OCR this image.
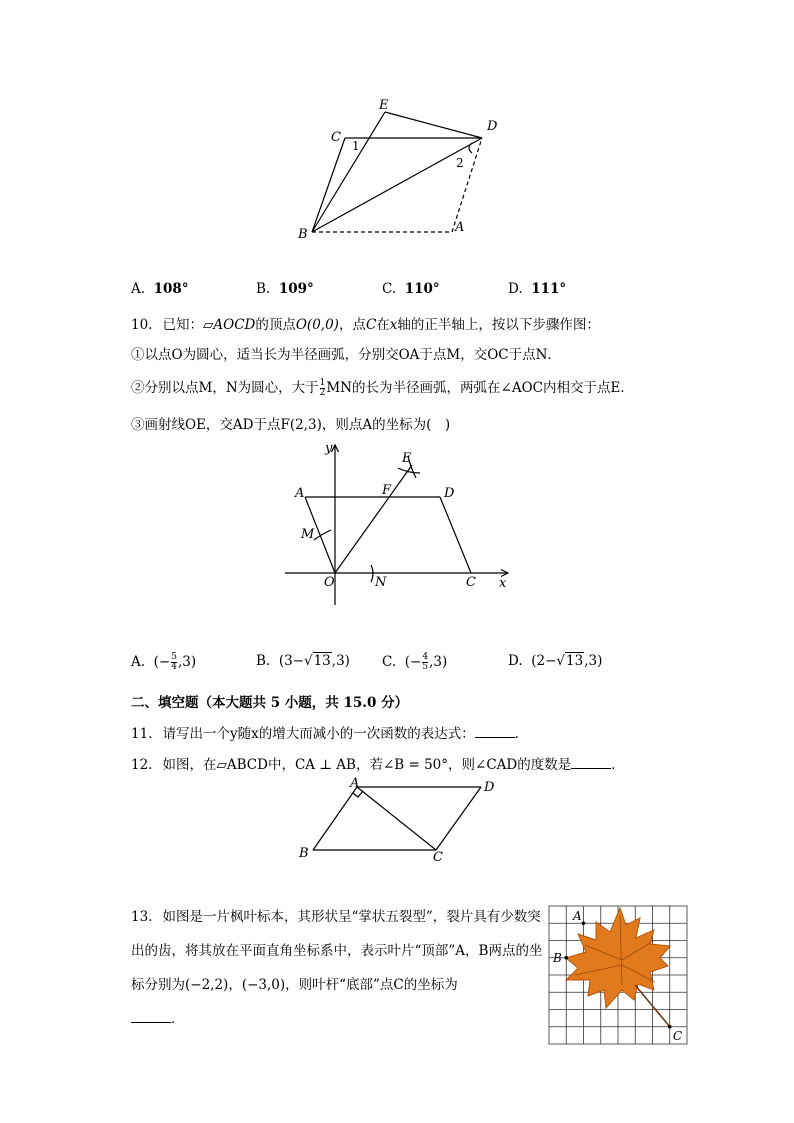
E
C
D
B	A
1
2
A. 108°	B. 109°	C. 110°	D. 111°
10. 已知：▱AOCD的顶点O(0,0)，点C在x轴的正半轴上，按以下步骤作图：
①以点O为圆心，适当长为半径画弧，分别交OA于点M，交OC于点N．
②分别以点M，N为圆心，大于 $\frac{1}{2}$ MN的长为半径画弧，两弧在∠AOC内相交于点E．
③画射线OE，交AD于点F(2,3)，则点A的坐标为(　)
y
x
A	D
F
E
M
O	N	C
A. (− $\frac{5}{4} ,3$)	B. (3−√13,3) C. (− $\frac{4}{5} ,3$)	D. (2−√13,3)
二、填空题（本大题共 5 小题，共 15.0 分）
11. 请写出一个y随x的增大而减小的一次函数的表达式：	．
12. 如图，在▱ABCD中，CA ⊥ AB，若∠B = 50°，则∠CAD的度数是	．
A	D
B	C
13. 如图是一片枫叶标本，其形状呈“掌状五裂型”，裂片具有少数突出的齿，将其放在平面直角坐标系中，表示叶片“顶部”A，B两点的坐标分别为(−2,2)，(−3,0)，则叶杆“底部”点C的坐标为
．
A
B
C
